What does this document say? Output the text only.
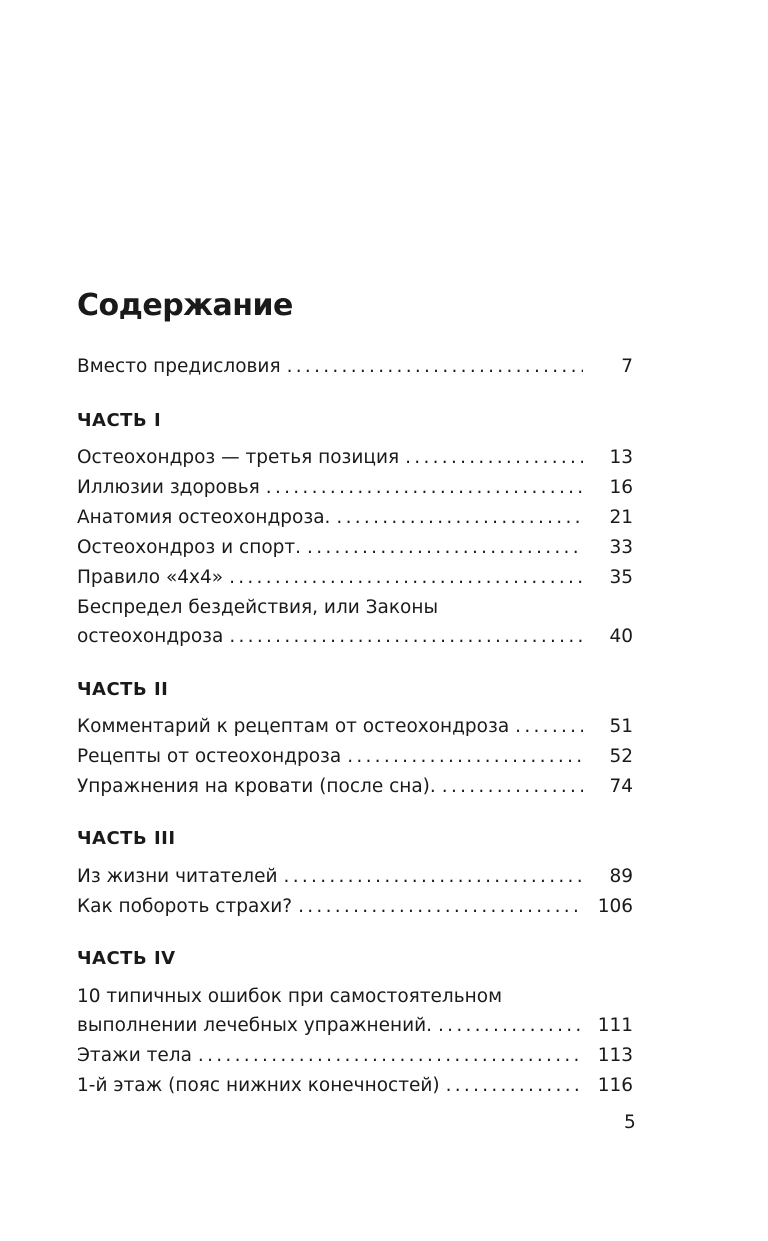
Содержание
Вместо предисловия . . .	7
ЧАСТЬ I
Остеохондроз — третья позиция . . .	13
Иллюзии здоровья . . .	16
Анатомия остеохондроза. . . .	21
Остеохондроз и спорт. . . .	33
Правило «4х4» . . .	35
Беспредел бездействия, или Законы
остеохондроза . . .	40
ЧАСТЬ II
Комментарий к рецептам от остеохондроза . . .	51
Рецепты от остеохондроза . . .	52
Упражнения на кровати (после сна). . . .	74
ЧАСТЬ III
Из жизни читателей . . .	89
Как побороть страхи? . . .	106
ЧАСТЬ IV
10 типичных ошибок при самостоятельном
выполнении лечебных упражнений. . . .	111
Этажи тела . . .	113
1-й этаж (пояс нижних конечностей) . . .	116
5
